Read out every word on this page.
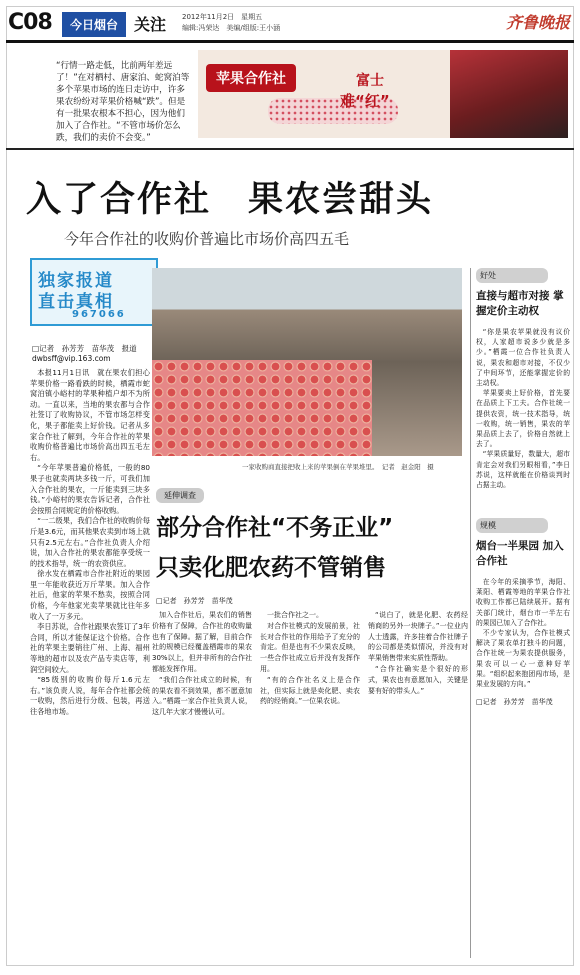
C08	今日烟台 关注 2012年11月2日　星期五
编辑:冯荣达　美编/组版:王小涵	齐鲁晚报
“行情一路走低，比前两年差远了！”在对栖村、唐家泊、蛇窝泊等多个苹果市场的连日走访中，许多果农纷纷对苹果价格喊“跌”。但是有一批果农根本不担心，因为他们加入了合作社。“不管市场价怎么跌，我们的卖价不会变。”
苹果合作社	富士
难“红”
入了合作社　果农尝甜头
今年合作社的收购价普遍比市场价高四五毛
独家报道
直击真相
967066
□记者　孙芳芳　苗华茂　报道
dwbsff@vip.163.com

本报11月1日讯　就在果农们担心苹果价格一路看跌的时候，栖霞市蛇窝泊镇小峪村的苹果种植户却不为所动。一直以来，当地的果农都与合作社签订了收购协议，不管市场怎样变化，果子都能卖上好价钱。记者从多家合作社了解到，今年合作社的苹果收购价格普遍比市场价高出四五毛左右。

“今年苹果普遍价格低，一般的80果子也就卖两块多钱一斤，可我们加入合作社的果农，一斤能卖到三块多钱。”小峪村的果农告诉记者，合作社会按照合同规定的价格收购。

“一二级果，我们合作社的收购价每斤是3.6元，而其他果农卖到市场上就只有2.5元左右。”合作社负责人介绍说，加入合作社的果农都能享受统一的技术指导，统一的农资供应。

徐水发在栖霞市合作社附近的果园里一年能收获近万斤苹果。加入合作社后，他家的苹果不愁卖，按照合同价格，今年他家光卖苹果就比往年多收入了一万多元。

李日苏说，合作社跟果农签订了3年合同，所以才能保证这个价格。合作社的苹果主要销往广州、上海、福州等地的超市以及农产品专卖店等，利润空间较大。

“85级别的收购价每斤1.6元左右。”该负责人说，每年合作社都会统一收购，然后进行分级、包装，再送往各地市场。

一家收购商直接把收上来的苹果倒在苹果堆里。　记者　赵金阳　摄
好处
直接与超市对接 掌握定价主动权

“你是果农苹果就没有议价权，人家超市说多少就是多少。”栖霞一位合作社负责人说，果农和超市对接，不仅少了中间环节，还能掌握定价的主动权。

苹果要卖上好价格，首先要在品质上下工夫。合作社统一提供农资，统一技术指导，统一收购，统一销售，果农的苹果品质上去了，价格自然就上去了。

“苹果质量好，数量大，超市肯定会对我们另眼相看，”李日苏说，这样就能在价格谈判时占据主动。

延伸调查
部分合作社“不务正业”
只卖化肥农药不管销售
□记者　孙芳芳　苗华茂

加入合作社后，果农们的销售价格有了保障，合作社的收购量也有了保障。据了解，目前合作社的规模已经覆盖栖霞市的果农30%以上，但并非所有的合作社都能发挥作用。

“我们合作社成立的时候，有的果农看不到效果，都不愿意加入。”栖霞一家合作社负责人说，这几年大家才慢慢认可。

一批合作社之一。

对合作社模式的发展前景，社长对合作社的作用给予了充分的肯定。但是也有不少果农反映，一些合作社成立后并没有发挥作用。

“有的合作社名义上是合作社，但实际上就是卖化肥、卖农药的经销商。”一位果农说。

“说白了，就是化肥、农药经销商的另外一块牌子。”一位业内人士透露，许多挂着合作社牌子的公司都是类似情况，并没有对苹果销售带来实质性帮助。

“合作社确实是个很好的形式，果农也有意愿加入，关键是要有好的带头人。”

规模
烟台一半果园 加入合作社

在今年的采摘季节，海阳、莱阳、栖霞等地的苹果合作社收购工作都已陆续展开。据有关部门统计，烟台市一半左右的果园已加入了合作社。

不少专家认为，合作社模式解决了果农单打独斗的问题，合作社统一为果农提供服务，果农可以一心一意种好苹果。“组织起来抱团闯市场，是果业发展的方向。”

□记者　孙芳芳　苗华茂
